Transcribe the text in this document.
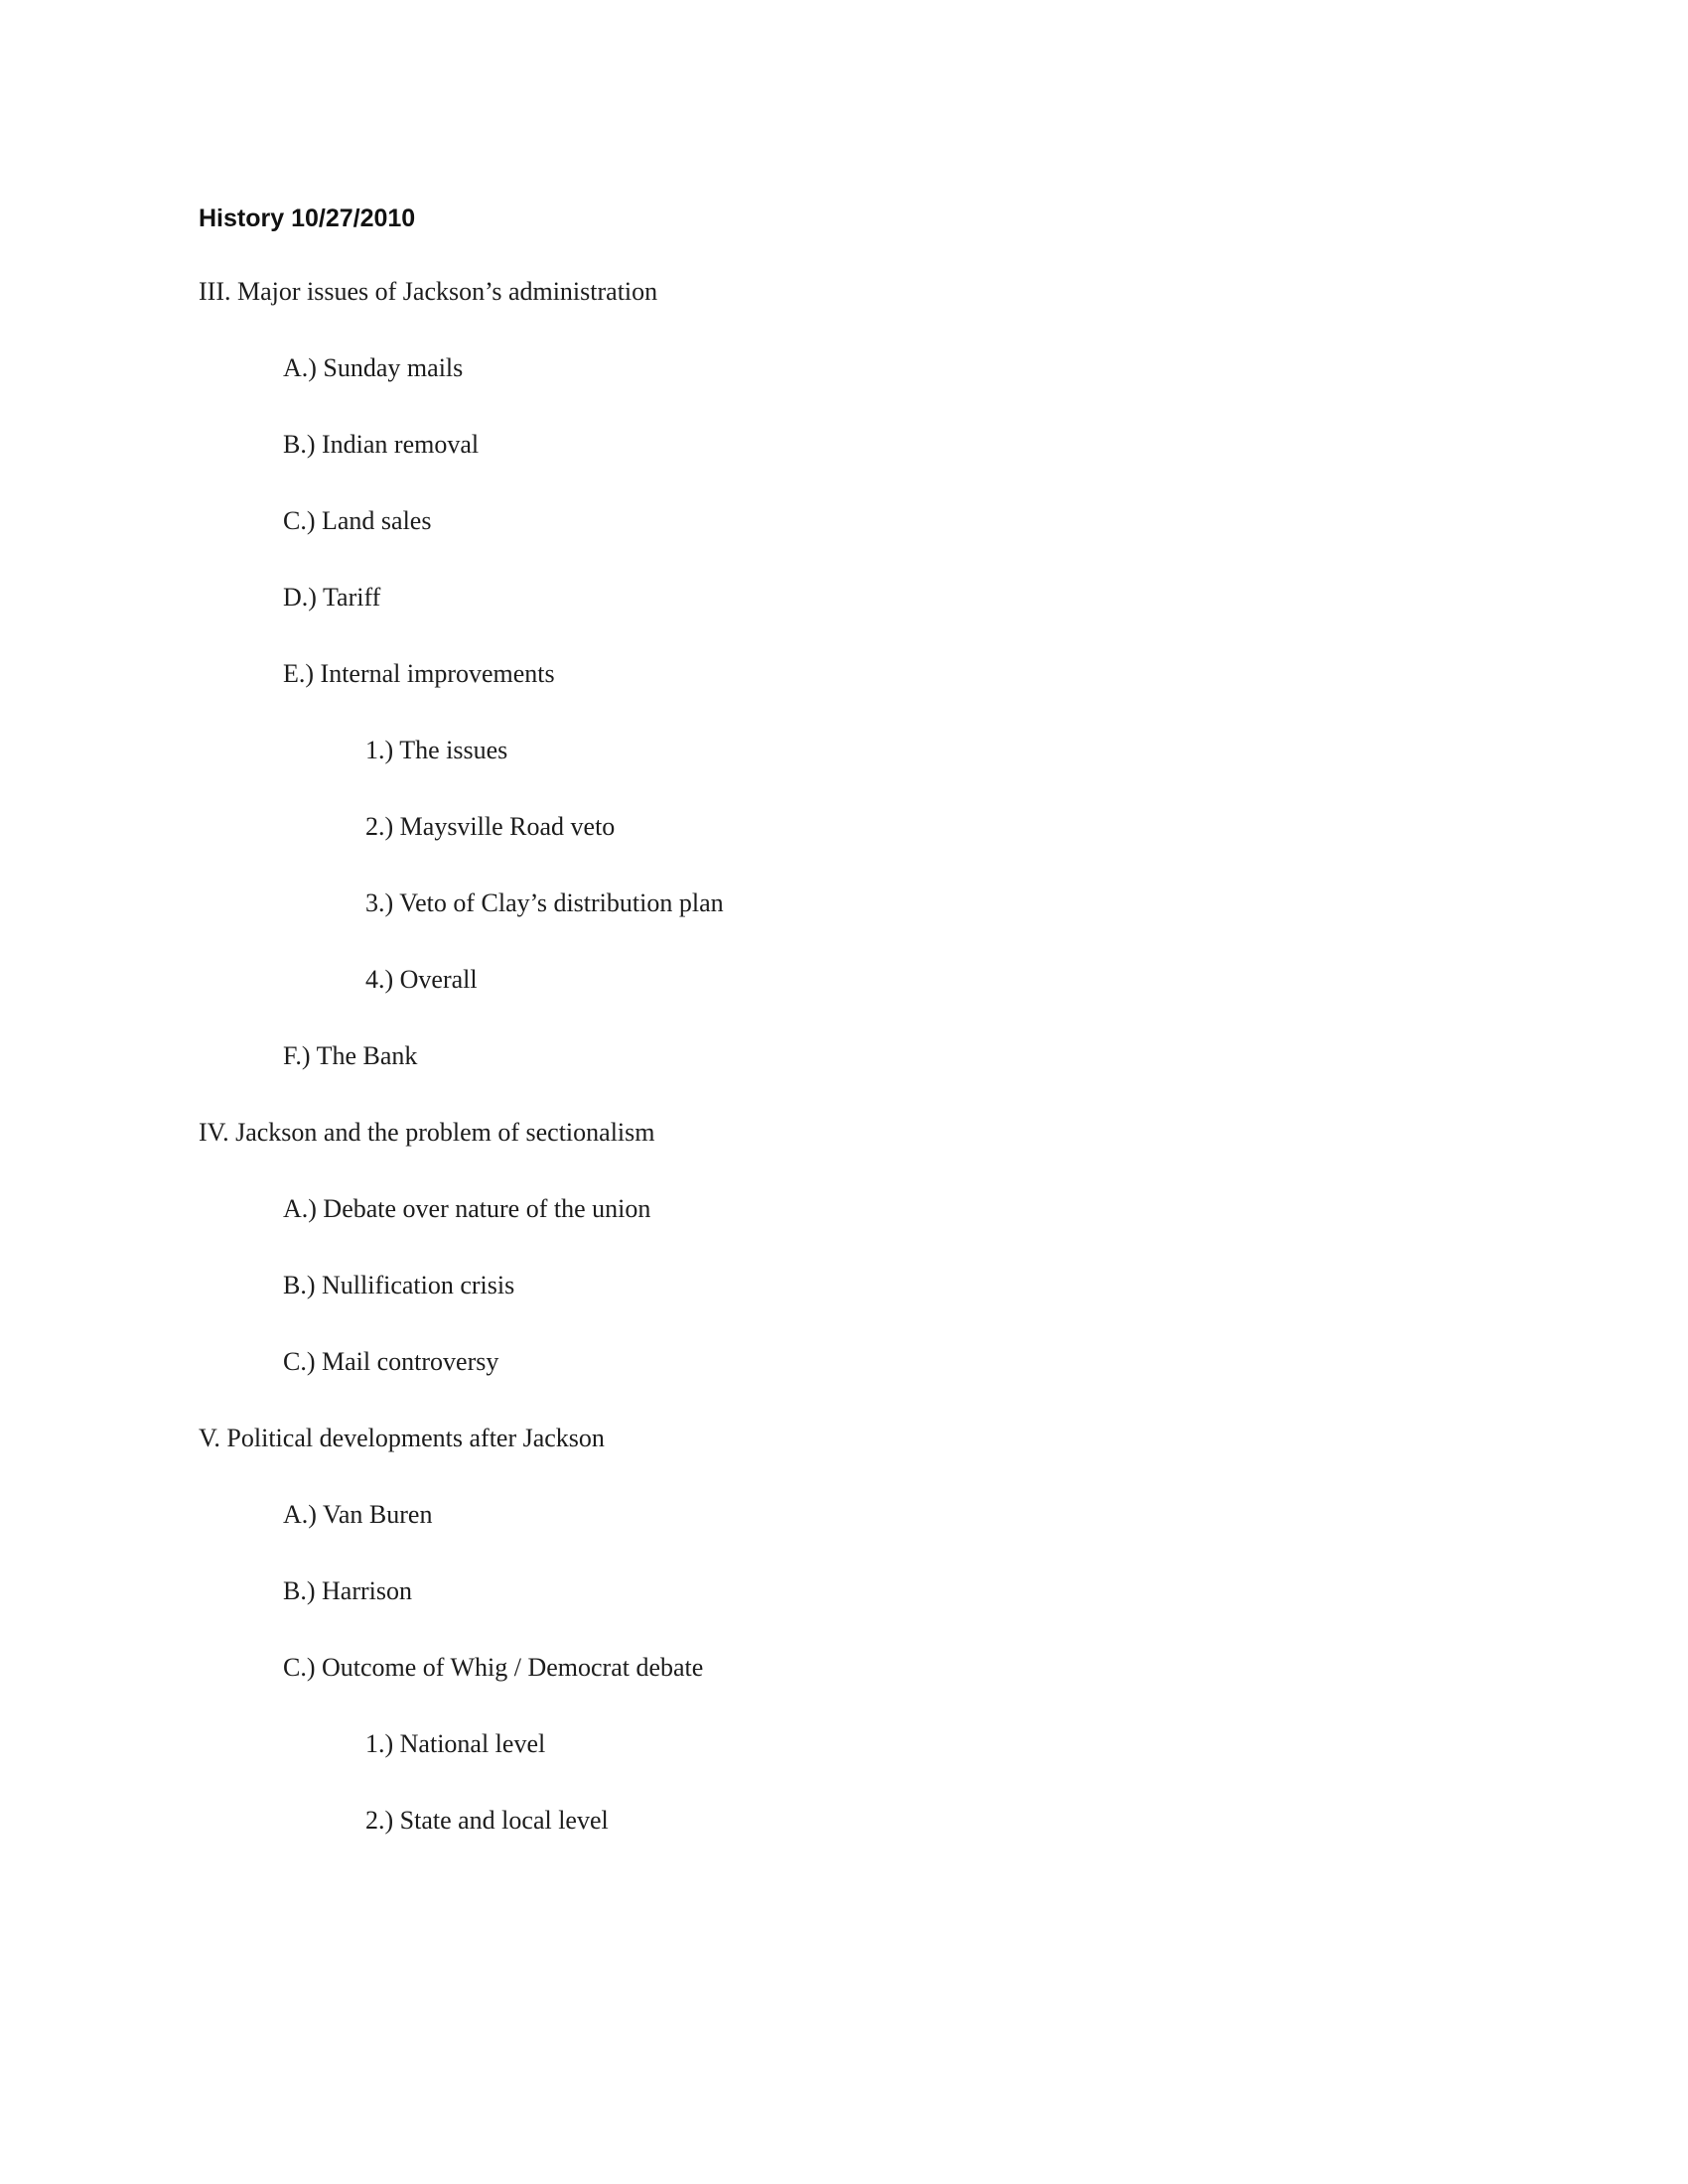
History 10/27/2010
III. Major issues of Jackson’s administration
A.) Sunday mails
B.) Indian removal
C.) Land sales
D.) Tariff
E.) Internal improvements
1.) The issues
2.) Maysville Road veto
3.) Veto of Clay’s distribution plan
4.) Overall
F.) The Bank
IV. Jackson and the problem of sectionalism
A.) Debate over nature of the union
B.) Nullification crisis
C.) Mail controversy
V. Political developments after Jackson
A.) Van Buren
B.) Harrison
C.) Outcome of Whig / Democrat debate
1.) National level
2.) State and local level
